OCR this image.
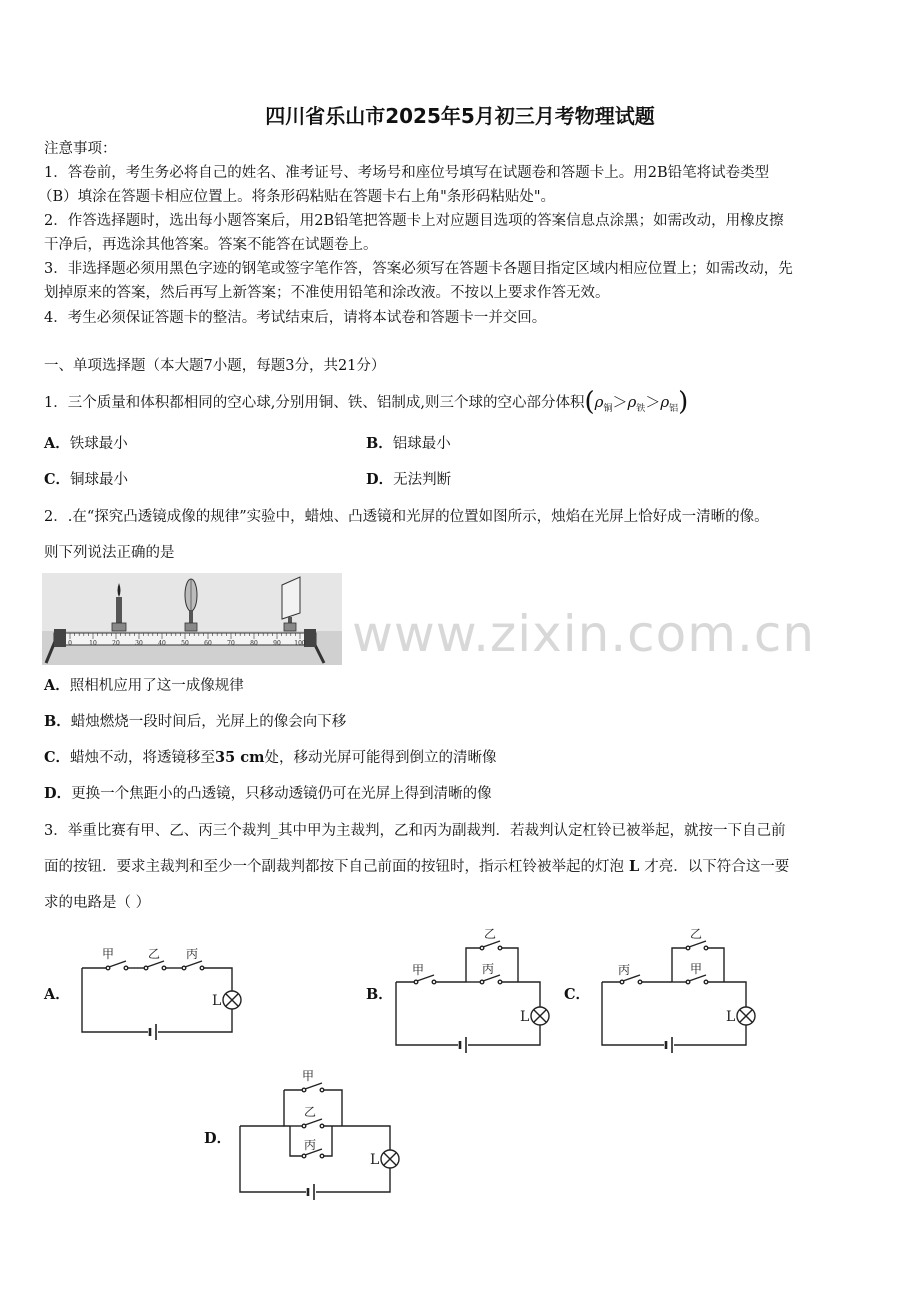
四川省乐山市2025年5月初三月考物理试题
注意事项：
1．答卷前，考生务必将自己的姓名、准考证号、考场号和座位号填写在试题卷和答题卡上。用2B铅笔将试卷类型
（B）填涂在答题卡相应位置上。将条形码粘贴在答题卡右上角"条形码粘贴处"。
2．作答选择题时，选出每小题答案后，用2B铅笔把答题卡上对应题目选项的答案信息点涂黑；如需改动，用橡皮擦
干净后，再选涂其他答案。答案不能答在试题卷上。
3．非选择题必须用黑色字迹的钢笔或签字笔作答，答案必须写在答题卡各题目指定区域内相应位置上；如需改动，先
划掉原来的答案，然后再写上新答案；不准使用铅笔和涂改液。不按以上要求作答无效。
4．考生必须保证答题卡的整洁。考试结束后，请将本试卷和答题卡一并交回。
一、单项选择题（本大题7小题，每题3分，共21分）
1．三个质量和体积都相同的空心球,分别用铜、铁、铝制成,则三个球的空心部分体积$(\rho_铜>\rho_铁>\rho_铝)$
A．铁球最小	B．铝球最小
C．铜球最小	D．无法判断
2．.在“探究凸透镜成像的规律”实验中，蜡烛、凸透镜和光屏的位置如图所示，烛焰在光屏上恰好成一清晰的像。
则下列说法正确的是
0	10	20	30	40	50	60	70	80	90 100 www.zixin.com.cn
A．照相机应用了这一成像规律
B．蜡烛燃烧一段时间后，光屏上的像会向下移
C．蜡烛不动，将透镜移至35 cm处，移动光屏可能得到倒立的清晰像
D．更换一个焦距小的凸透镜，只移动透镜仍可在光屏上得到清晰的像
3．举重比赛有甲、乙、丙三个裁判_其中甲为主裁判，乙和丙为副裁判．若裁判认定杠铃已被举起，就按一下自己前
面的按钮．要求主裁判和至少一个副裁判都按下自己前面的按钮时，指示杠铃被举起的灯泡 L 才亮．以下符合这一要
求的电路是（ ）
A．	B．	C．
D．
甲	乙 丙
L
甲
乙
丙
L
丙
乙
甲
L
甲
乙
丙
L
